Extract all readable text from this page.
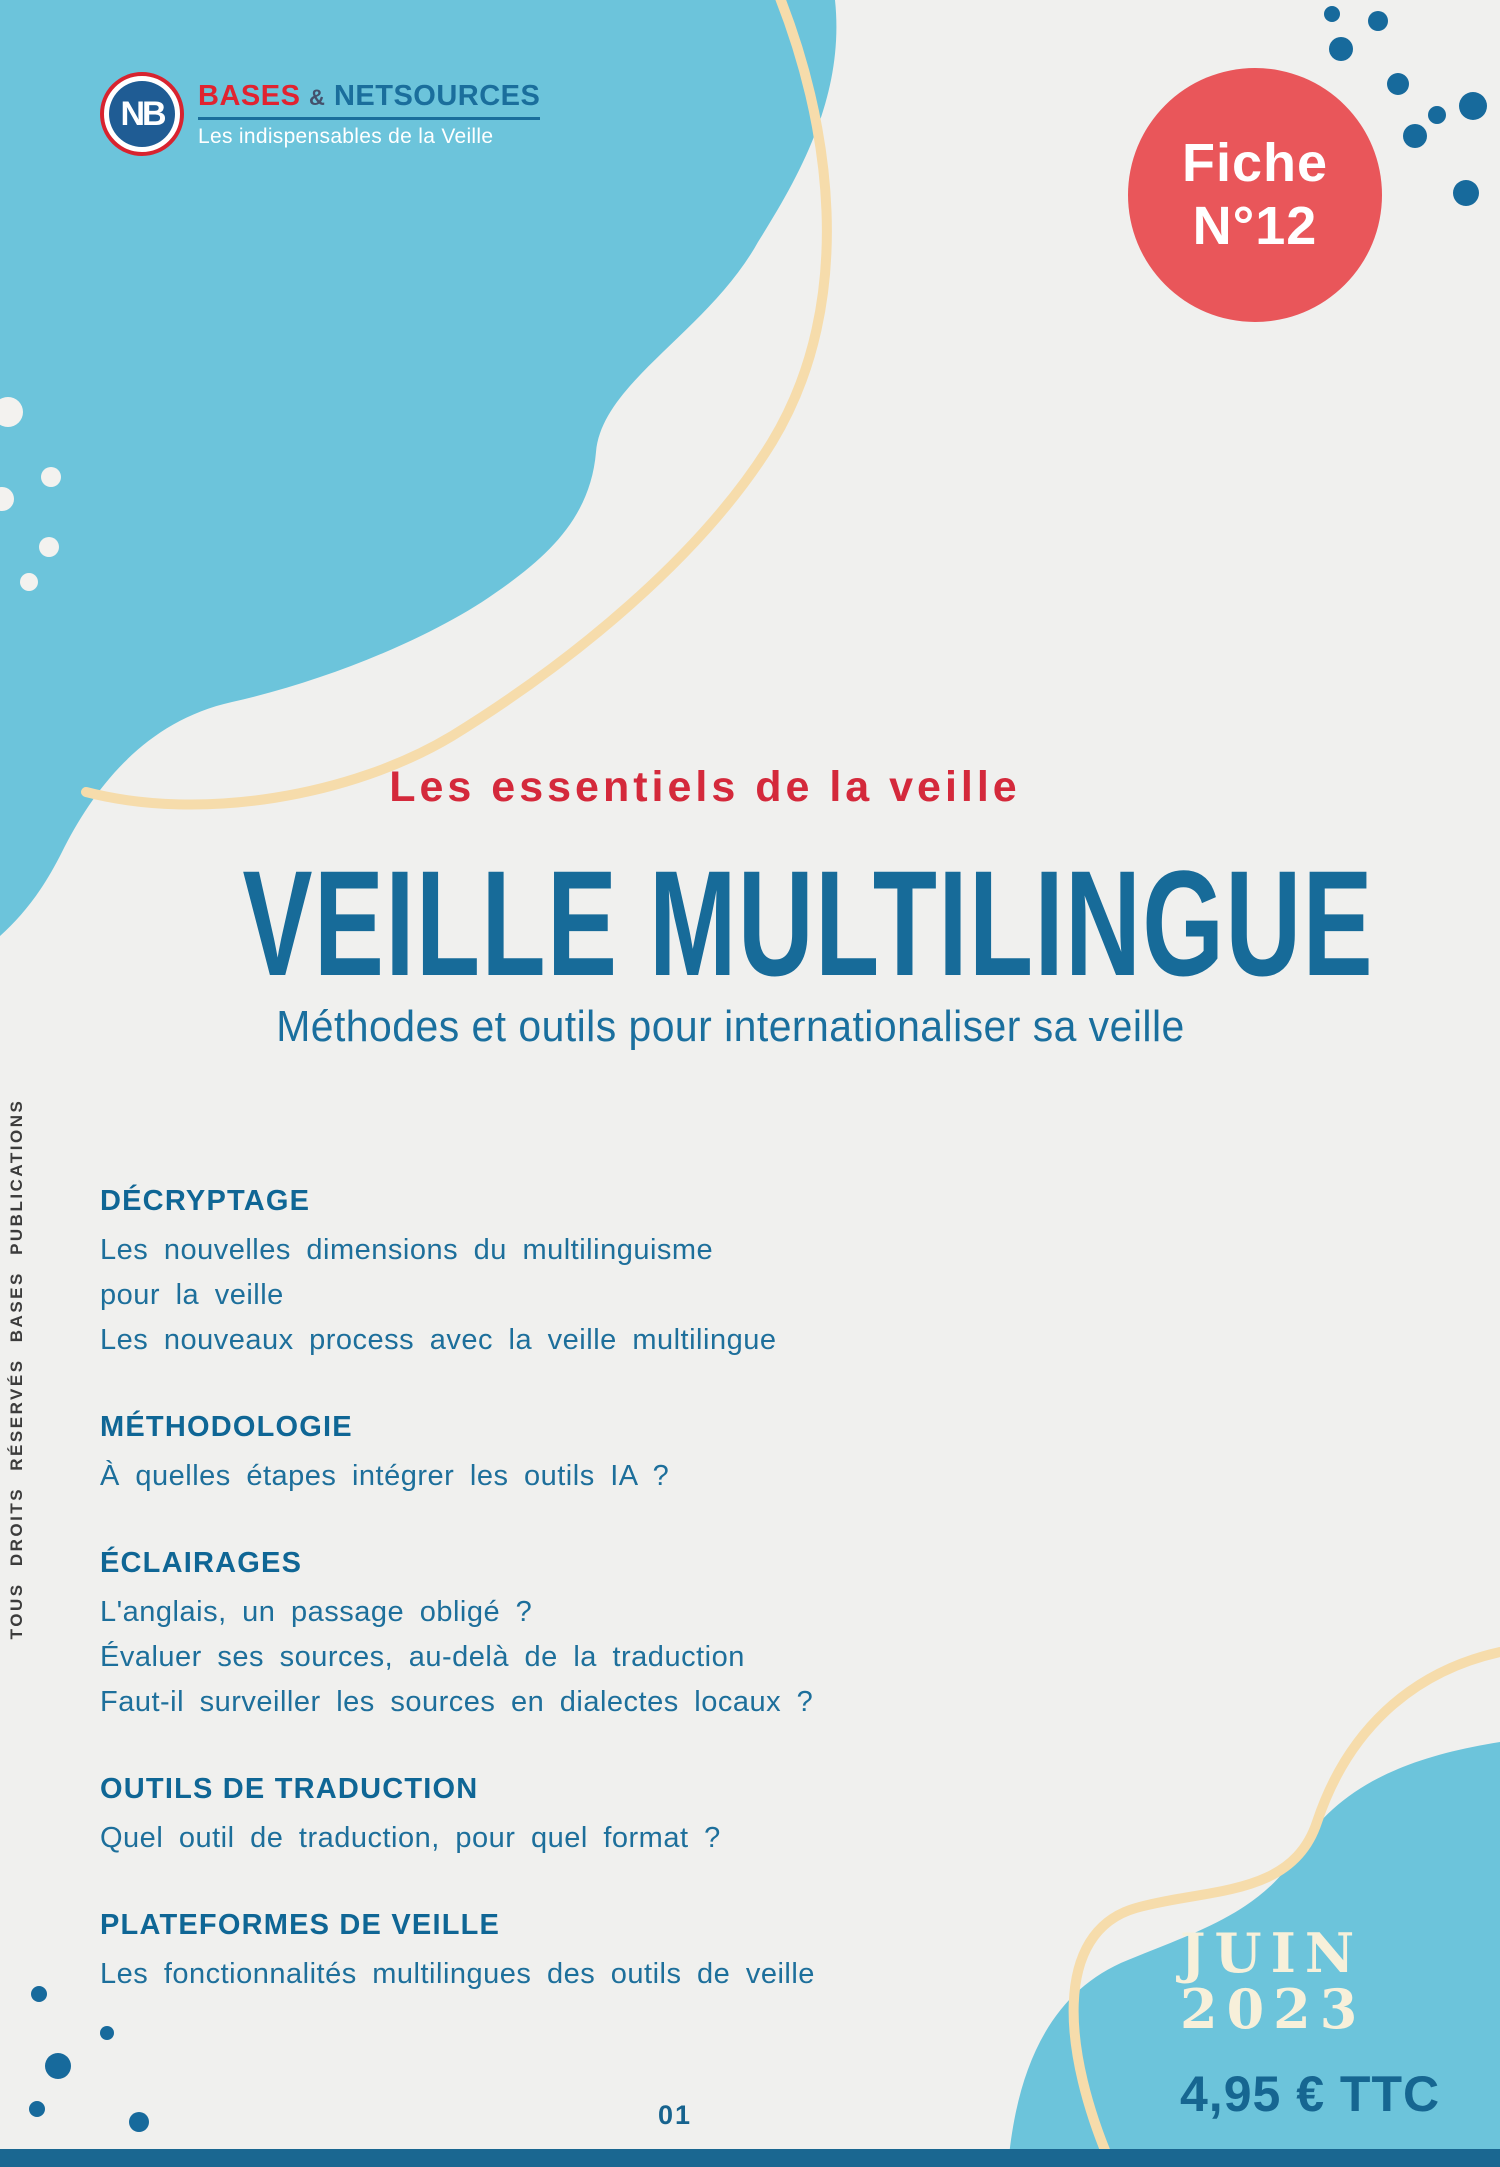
NB	BASES & NETSOURCES
Les indispensables de la Veille	Fiche
N°12
Les essentiels de la veille
VEILLE MULTILINGUE
Méthodes et outils pour internationaliser sa veille
TOUS DROITS RÉSERVÉS BASES PUBLICATIONS	DÉCRYPTAGE
Les nouvelles dimensions du multilinguisme
pour la veille
Les nouveaux process avec la veille multilingue
MÉTHODOLOGIE
À quelles étapes intégrer les outils IA ?
ÉCLAIRAGES
L'anglais, un passage obligé ?
Évaluer ses sources, au-delà de la traduction
Faut-il surveiller les sources en dialectes locaux ?
OUTILS DE TRADUCTION
Quel outil de traduction, pour quel format ?
PLATEFORMES DE VEILLE
Les fonctionnalités multilingues des outils de veille	JUIN
2023
4,95 € TTC
01
